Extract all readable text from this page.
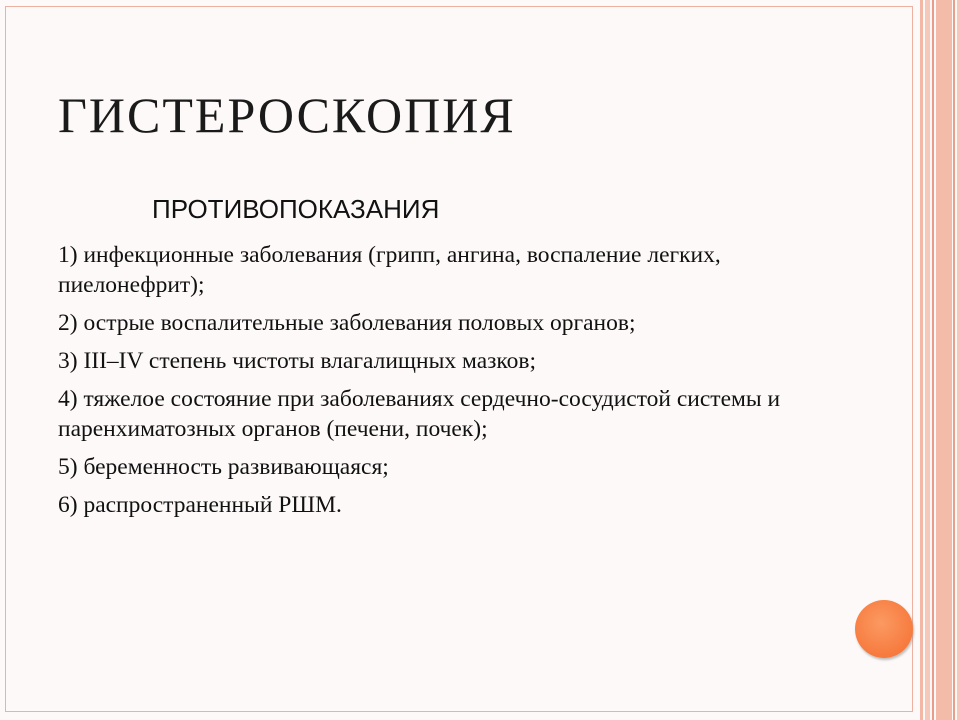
ГИСТЕРОСКОПИЯ
ПРОТИВОПОКАЗАНИЯ
1) инфекционные заболевания (грипп, ангина, воспаление легких, пиелонефрит);
2) острые воспалительные заболевания половых органов;
3) III–IV степень чистоты влагалищных мазков;
4) тяжелое состояние при заболеваниях сердечно-сосудистой системы и паренхиматозных органов (печени, почек);
5) беременность развивающаяся;
6) распространенный РШМ.
